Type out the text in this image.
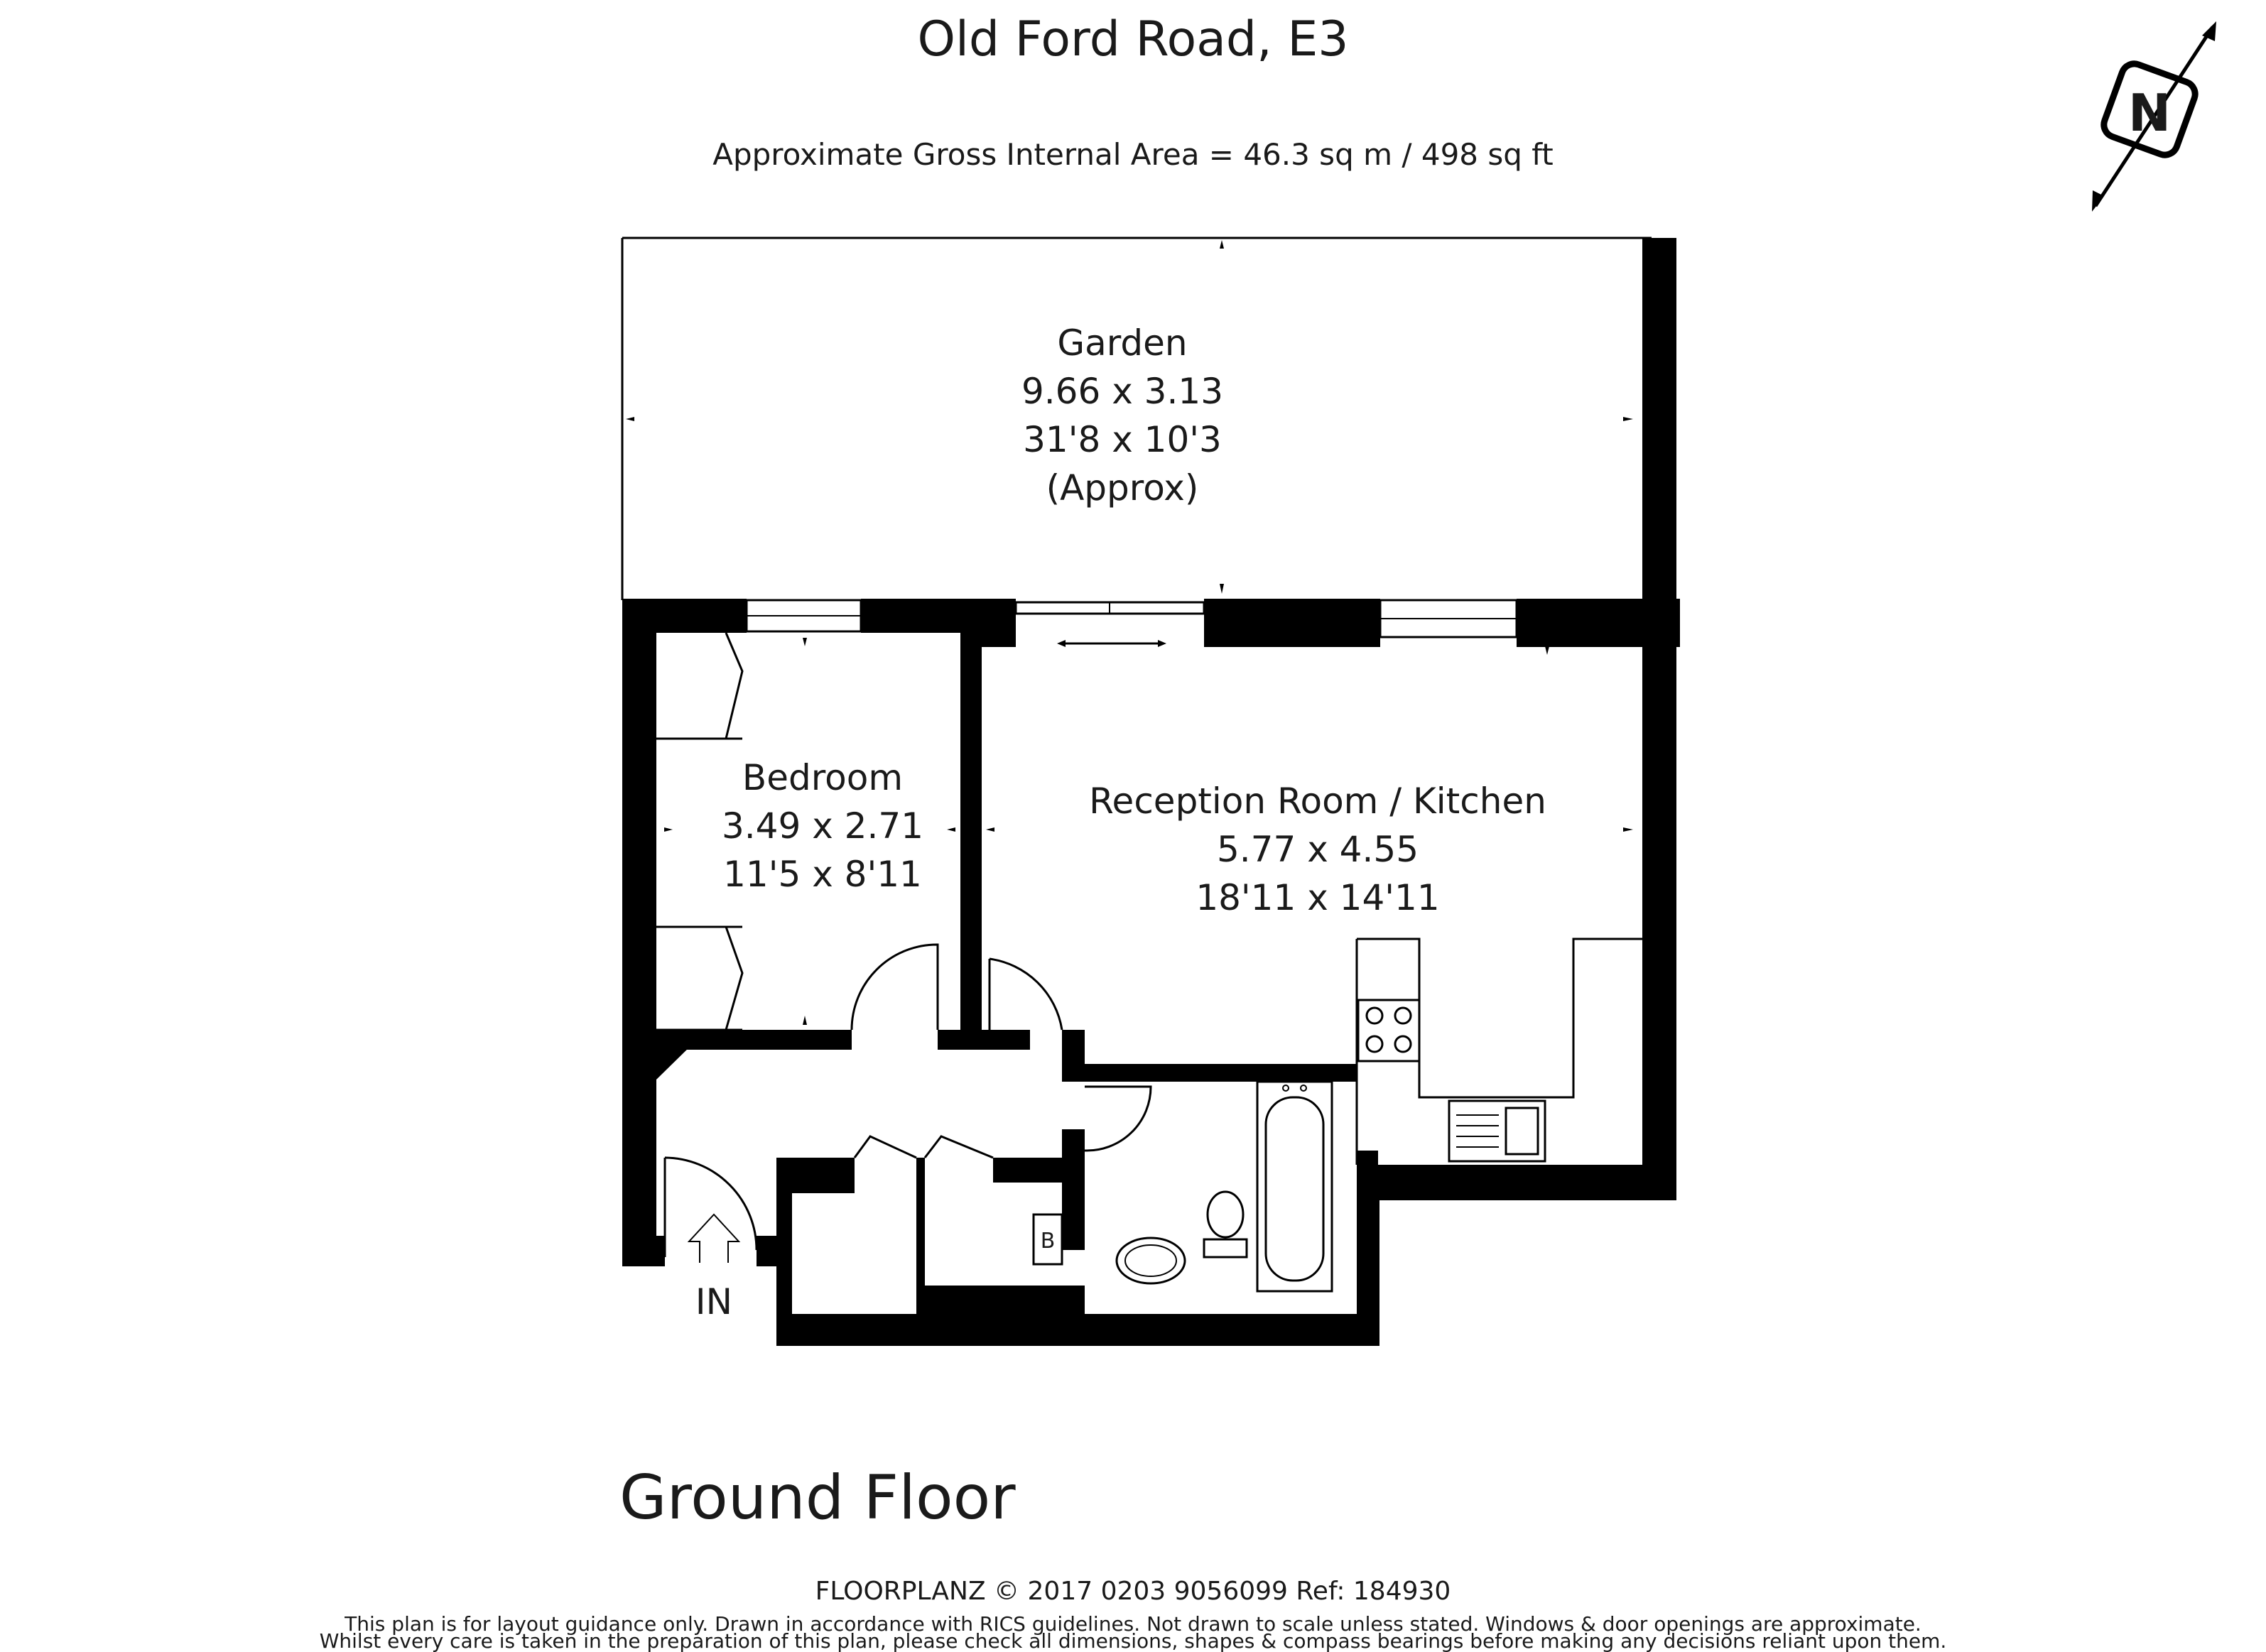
Old Ford Road, E3
Approximate Gross Internal Area = 46.3 sq m / 498 sq ft
N
B
IN
Garden
9.66 x 3.13
31'8 x 10'3
(Approx)
Bedroom
3.49 x 2.71
11'5 x 8'11
Reception Room / Kitchen
5.77 x 4.55
18'11 x 14'11
Ground Floor
FLOORPLANZ © 2017 0203 9056099 Ref: 184930
This plan is for layout guidance only. Drawn in accordance with RICS guidelines. Not drawn to scale unless stated. Windows & door openings are approximate.
Whilst every care is taken in the preparation of this plan, please check all dimensions, shapes & compass bearings before making any decisions reliant upon them.
